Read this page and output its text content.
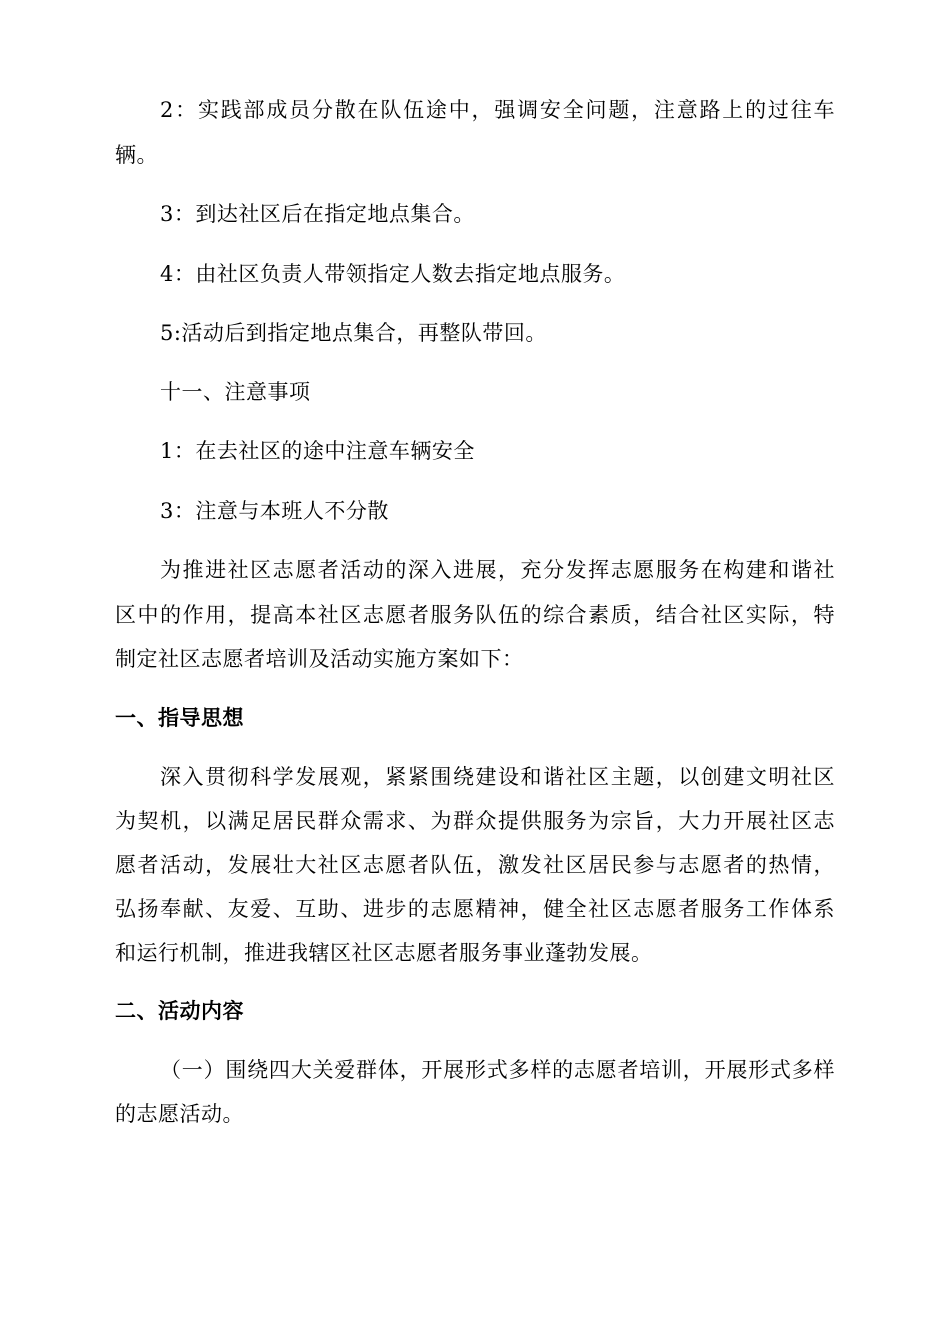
2：实践部成员分散在队伍途中，强调安全问题，注意路上的过往车
辆。
3：到达社区后在指定地点集合。
4：由社区负责人带领指定人数去指定地点服务。
5:活动后到指定地点集合，再整队带回。
十一、注意事项
1：在去社区的途中注意车辆安全
3：注意与本班人不分散
为推进社区志愿者活动的深入进展，充分发挥志愿服务在构建和谐社
区中的作用，提高本社区志愿者服务队伍的综合素质，结合社区实际，特
制定社区志愿者培训及活动实施方案如下：
一、指导思想
深入贯彻科学发展观，紧紧围绕建设和谐社区主题，以创建文明社区
为契机，以满足居民群众需求、为群众提供服务为宗旨，大力开展社区志
愿者活动，发展壮大社区志愿者队伍，激发社区居民参与志愿者的热情，
弘扬奉献、友爱、互助、进步的志愿精神，健全社区志愿者服务工作体系
和运行机制，推进我辖区社区志愿者服务事业蓬勃发展。
二、活动内容
（一）围绕四大关爱群体，开展形式多样的志愿者培训，开展形式多样
的志愿活动。
